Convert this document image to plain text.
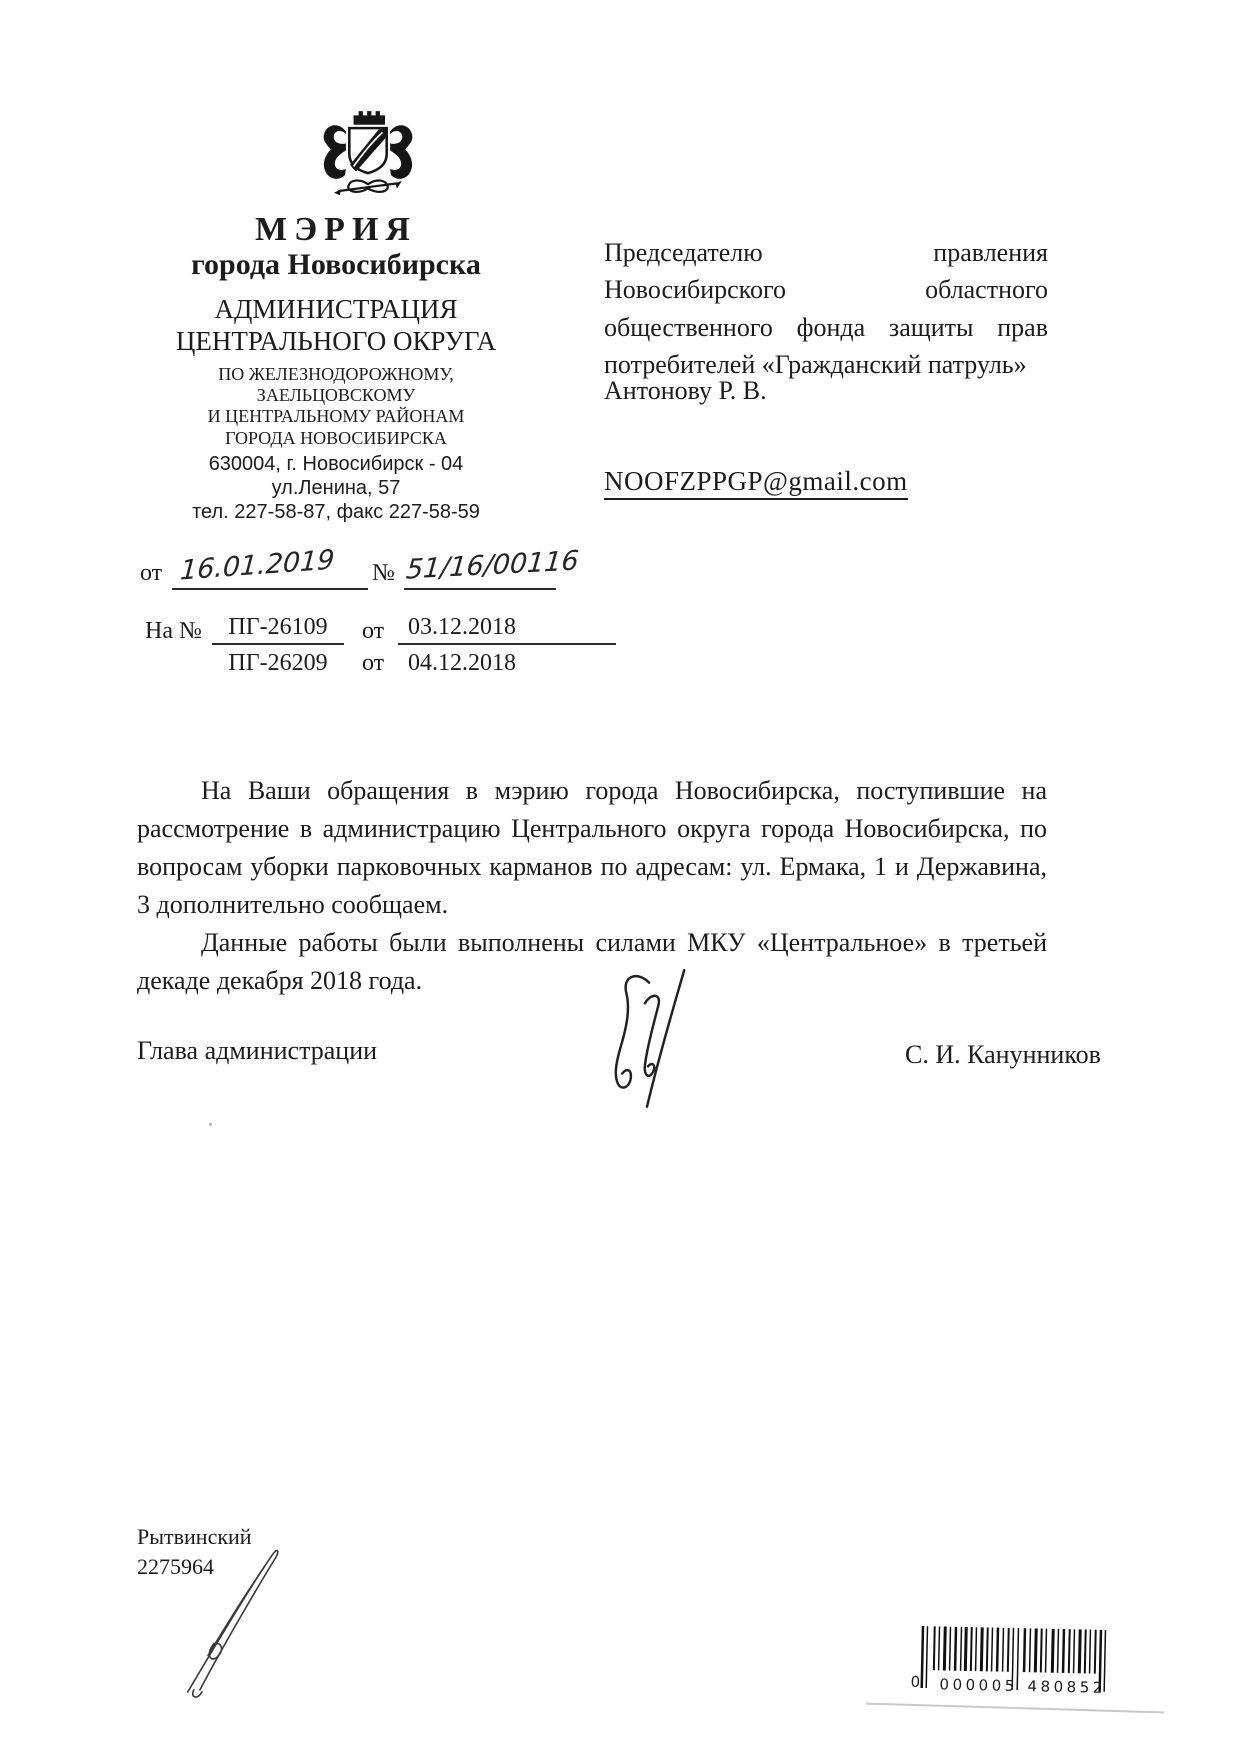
МЭРИЯ
города Новосибирска
АДМИНИСТРАЦИЯ
ЦЕНТРАЛЬНОГО ОКРУГА
ПО ЖЕЛЕЗНОДОРОЖНОМУ,
ЗАЕЛЬЦОВСКОМУ
И ЦЕНТРАЛЬНОМУ РАЙОНАМ
ГОРОДА НОВОСИБИРСКА
630004, г. Новосибирск - 04
ул.Ленина, 57
тел. 227-58-87, факс 227-58-59
от 16.01.2019	№ 51/16/00116
На №	ПГ-26109	от 03.12.2018
ПГ-26209	от 04.12.2018
Председателю правления Новосибирского областного общественного фонда защиты прав потребителей «Гражданский патруль»
Антонову Р. В.
NOOFZPPGP@gmail.com

На Ваши обращения в мэрию города Новосибирска, поступившие на рассмотрение в администрацию Центрального округа города Новосибирска, по вопросам уборки парковочных карманов по адресам: ул. Ермака, 1 и Державина, 3 дополнительно сообщаем.

Данные работы были выполнены силами МКУ «Центральное» в третьей декаде декабря 2018 года.

Глава администрации	С. И. Канунников
Рытвинский
2275964
0 000005 480852
